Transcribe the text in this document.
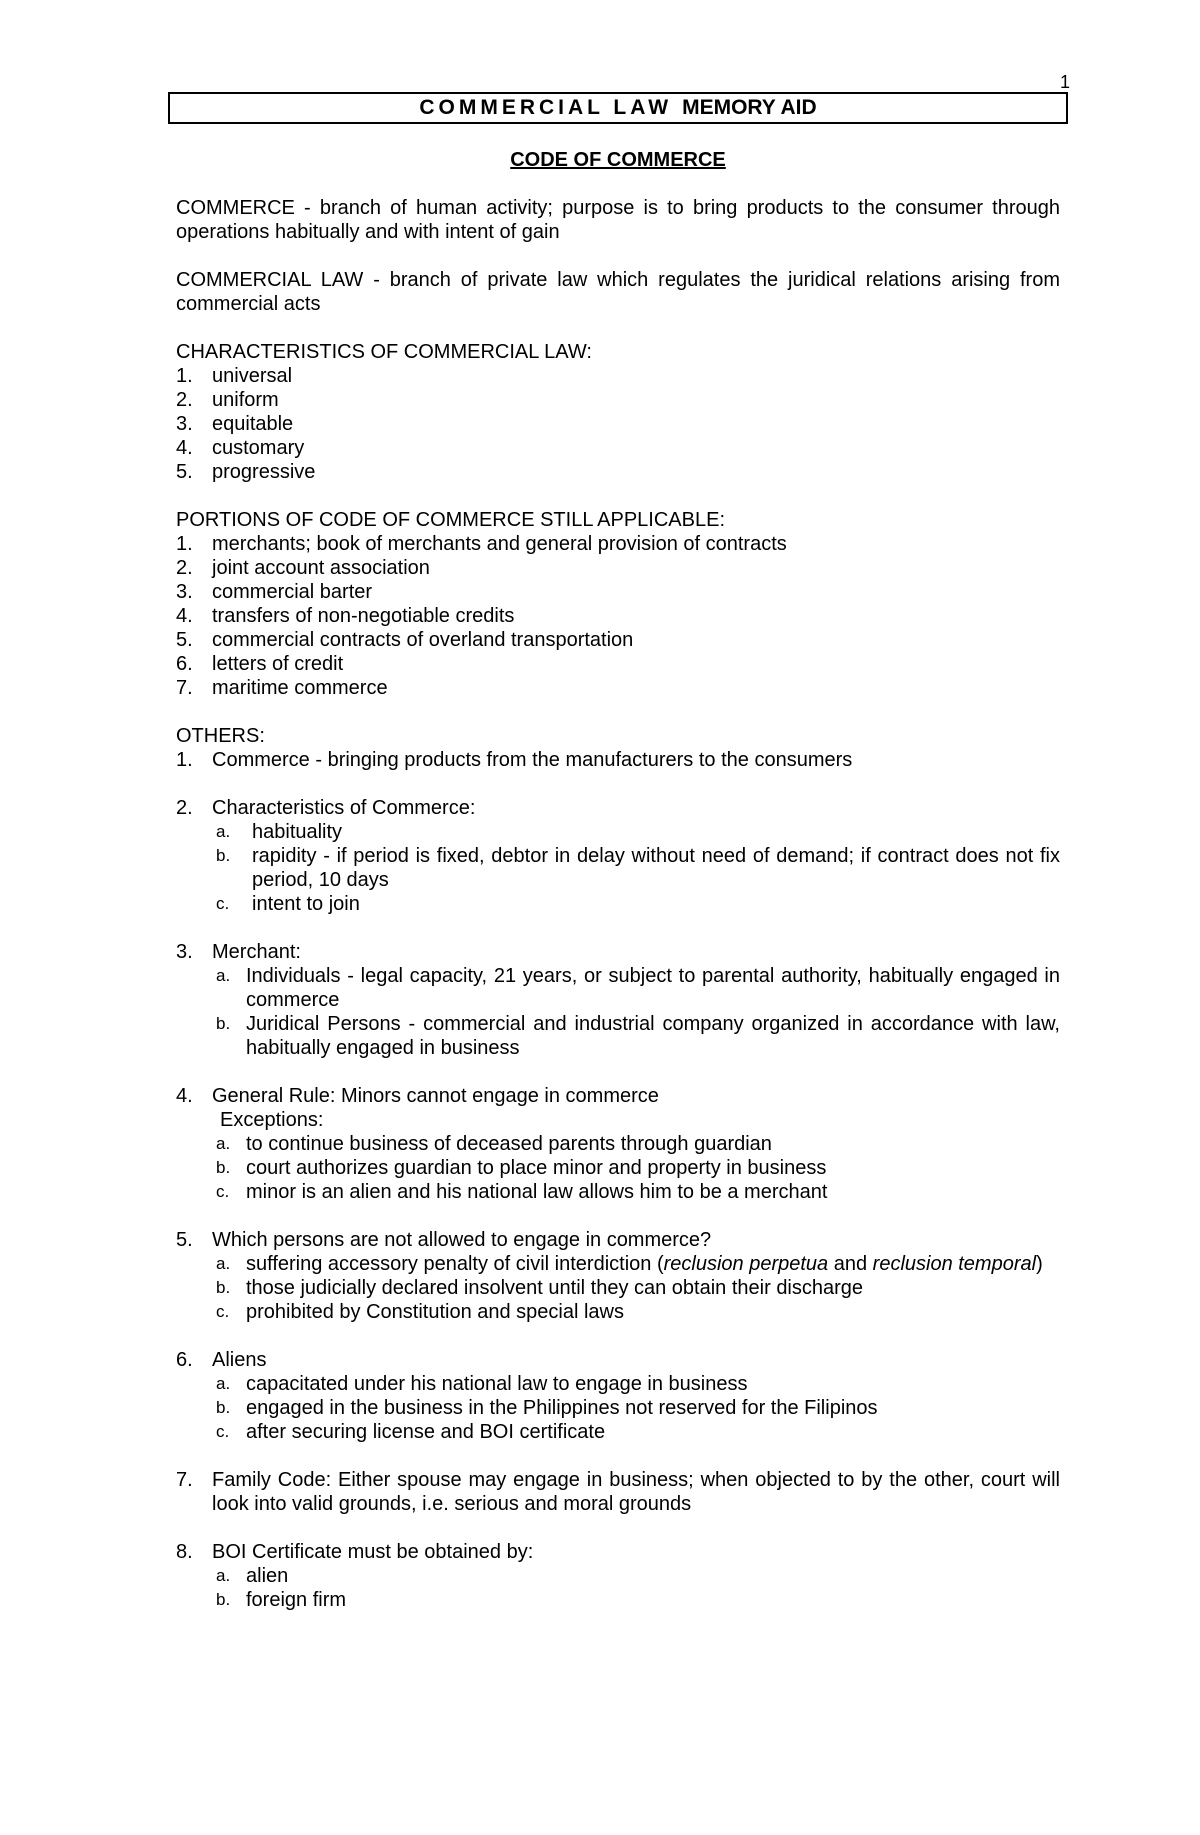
1
COMMERCIAL LAW MEMORY AID
CODE OF COMMERCE

COMMERCE - branch of human activity; purpose is to bring products to the consumer through operations habitually and with intent of gain

COMMERCIAL LAW - branch of private law which regulates the juridical relations arising from commercial acts

CHARACTERISTICS OF COMMERCIAL LAW:
1. universal
2. uniform
3. equitable
4. customary
5. progressive
PORTIONS OF CODE OF COMMERCE STILL APPLICABLE:
1. merchants; book of merchants and general provision of contracts
2. joint account association
3. commercial barter
4. transfers of non-negotiable credits
5. commercial contracts of overland transportation
6. letters of credit
7. maritime commerce
OTHERS:
1. Commerce - bringing products from the manufacturers to the consumers
2. Characteristics of Commerce:
a.	habituality
b.	rapidity - if period is fixed, debtor in delay without need of demand; if contract does not fix period, 10 days
c.	intent to join
3. Merchant:
a. Individuals - legal capacity, 21 years, or subject to parental authority, habitually engaged in commerce
b. Juridical Persons - commercial and industrial company organized in accordance with law, habitually engaged in business
4. General Rule: Minors cannot engage in commerce
Exceptions:
a. to continue business of deceased parents through guardian
b. court authorizes guardian to place minor and property in business
c. minor is an alien and his national law allows him to be a merchant
5. Which persons are not allowed to engage in commerce?
a. suffering accessory penalty of civil interdiction (reclusion perpetua and reclusion temporal)
b. those judicially declared insolvent until they can obtain their discharge
c. prohibited by Constitution and special laws
6. Aliens
a. capacitated under his national law to engage in business
b. engaged in the business in the Philippines not reserved for the Filipinos
c. after securing license and BOI certificate
7. Family Code: Either spouse may engage in business; when objected to by the other, court will look into valid grounds, i.e. serious and moral grounds
8. BOI Certificate must be obtained by:
a. alien
b. foreign firm
